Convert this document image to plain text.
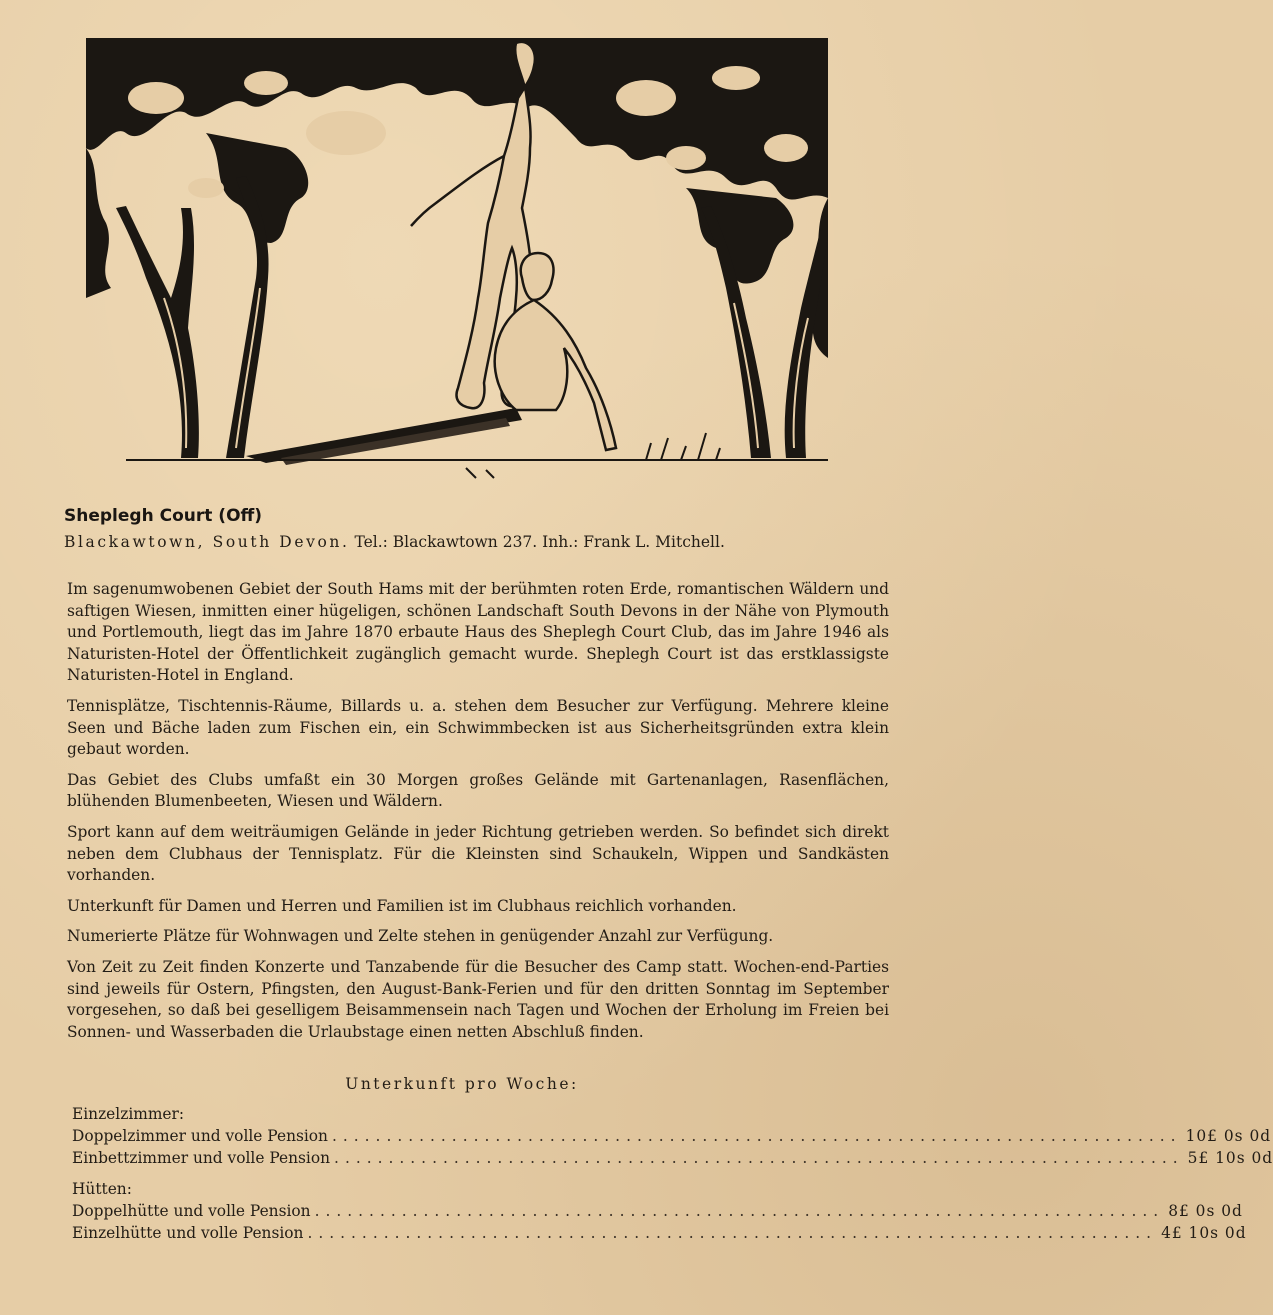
Sheplegh Court (Off)
Blackawtown, South Devon. Tel.: Blackawtown 237. Inh.: Frank L. Mitchell.

Im sagenumwobenen Gebiet der South Hams mit der berühmten roten Erde, romantischen Wäldern und saftigen Wiesen, inmitten einer hügeligen, schönen Landschaft South Devons in der Nähe von Plymouth und Portlemouth, liegt das im Jahre 1870 erbaute Haus des Sheplegh Court Club, das im Jahre 1946 als Naturisten-Hotel der Öffentlichkeit zugänglich gemacht wurde. Sheplegh Court ist das erstklassigste Naturisten-Hotel in England.

Tennisplätze, Tischtennis-Räume, Billards u. a. stehen dem Besucher zur Verfügung. Mehrere kleine Seen und Bäche laden zum Fischen ein, ein Schwimmbecken ist aus Sicherheitsgründen extra klein gebaut worden.

Das Gebiet des Clubs umfaßt ein 30 Morgen großes Gelände mit Gartenanlagen, Rasenflächen, blühenden Blumenbeeten, Wiesen und Wäldern.

Sport kann auf dem weiträumigen Gelände in jeder Richtung getrieben werden. So befindet sich direkt neben dem Clubhaus der Tennisplatz. Für die Kleinsten sind Schaukeln, Wippen und Sandkästen vorhanden.

Unterkunft für Damen und Herren und Familien ist im Clubhaus reichlich vorhanden.

Numerierte Plätze für Wohnwagen und Zelte stehen in genügender Anzahl zur Verfügung.

Von Zeit zu Zeit finden Konzerte und Tanzabende für die Besucher des Camp statt. Wochen-end-Parties sind jeweils für Ostern, Pfingsten, den August-Bank-Ferien und für den dritten Sonntag im September vorgesehen, so daß bei geselligem Beisammensein nach Tagen und Wochen der Erholung im Freien bei Sonnen- und Wasserbaden die Urlaubstage einen netten Abschluß finden.

Unterkunft pro Woche:
Einzelzimmer:
Doppelzimmer und volle Pension .............................................................................. 10£ 0s 0d
Einbettzimmer und volle Pension .............................................................................. 5£ 10s 0d
Hütten:
Doppelhütte und volle Pension .............................................................................. 8£ 0s 0d
Einzelhütte und volle Pension .............................................................................. 4£ 10s 0d
